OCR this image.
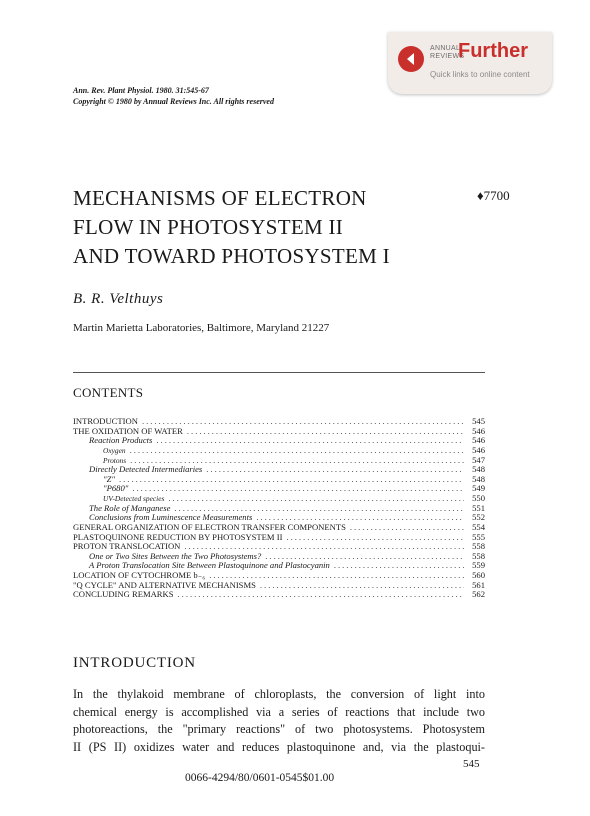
ANNUAL
REVIEWS
Further
Quick links to online content
Ann. Rev. Plant Physiol. 1980. 31:545-67
Copyright © 1980 by Annual Reviews Inc. All rights reserved
MECHANISMS OF ELECTRON
FLOW IN PHOTOSYSTEM II
AND TOWARD PHOTOSYSTEM I
♦7700
B. R. Velthuys
Martin Marietta Laboratories, Baltimore, Maryland 21227
CONTENTS
INTRODUCTION .....	545
THE OXIDATION OF WATER .....	546
Reaction Products .....	546
Oxygen .....	546
Protons .....	547
Directly Detected Intermediaries .....	548
"Z" .....	548
"P680" .....	549
UV-Detected species .....	550
The Role of Manganese .....	551
Conclusions from Luminescence Measurements .....	552
GENERAL ORGANIZATION OF ELECTRON TRANSFER COMPONENTS .....	554
PLASTOQUINONE REDUCTION BY PHOTOSYSTEM II .....	555
PROTON TRANSLOCATION .....	558
One or Two Sites Between the Two Photosystems? .....	558
A Proton Translocation Site Between Plastoquinone and Plastocyanin .....	559
LOCATION OF CYTOCHROME b₋₆ .....	560
"Q CYCLE" AND ALTERNATIVE MECHANISMS .....	561
CONCLUDING REMARKS .....	562
INTRODUCTION
In the thylakoid membrane of chloroplasts, the conversion of light into
chemical energy is accomplished via a series of reactions that include two
photoreactions, the "primary reactions" of two photosystems. Photosystem
II (PS II) oxidizes water and reduces plastoquinone and, via the plastoqui-
545
0066-4294/80/0601-0545$01.00
